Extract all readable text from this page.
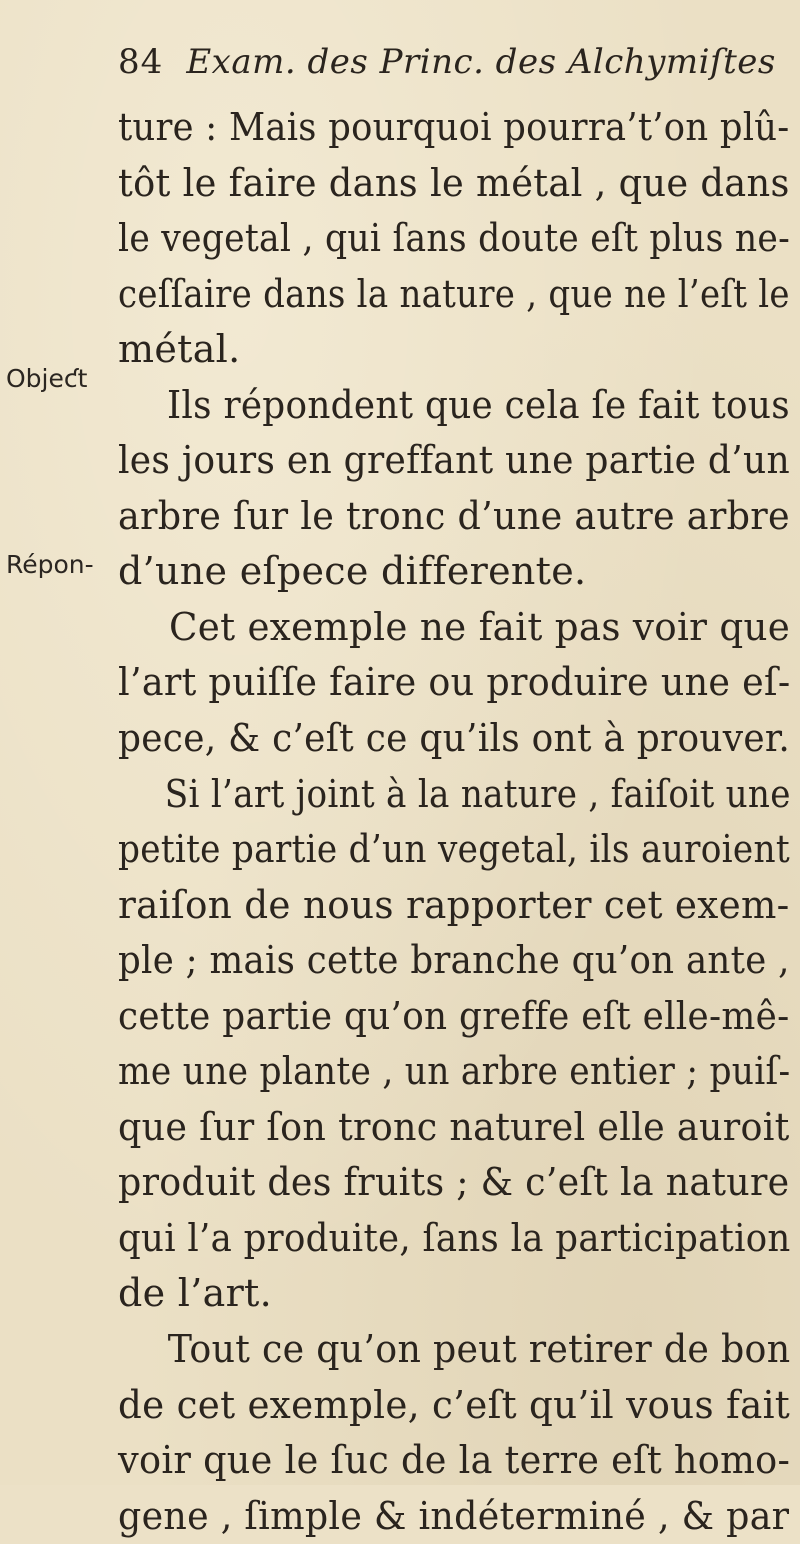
84 Exam. des Princ. des Alchymiſtes
Objeƈt
Répon-
ture : Mais pourquoi pourra’t’on plû-
tôt le faire dans le métal , que dans
le vegetal , qui ſans doute eſt plus ne-
ceſſaire dans la nature , que ne l’eſt le
métal.
Ils répondent que cela ſe fait tous
les jours en greffant une partie d’un
arbre ſur le tronc d’une autre arbre
d’une eſpece differente.
Cet exemple ne fait pas voir que
l’art puiſſe faire ou produire une eſ-
pece, & c’eſt ce qu’ils ont à prouver.
Si l’art joint à la nature , faiſoit une
petite partie d’un vegetal, ils auroient
raiſon de nous rapporter cet exem-
ple ; mais cette branche qu’on ante ,
cette partie qu’on greffe eſt elle-mê-
me une plante , un arbre entier ; puiſ-
que ſur ſon tronc naturel elle auroit
produit des fruits ; & c’eſt la nature
qui l’a produite, ſans la participation
de l’art.
Tout ce qu’on peut retirer de bon
de cet exemple, c’eſt qu’il vous fait
voir que le ſuc de la terre eſt homo-
gene , ſimple & indéterminé , & par
